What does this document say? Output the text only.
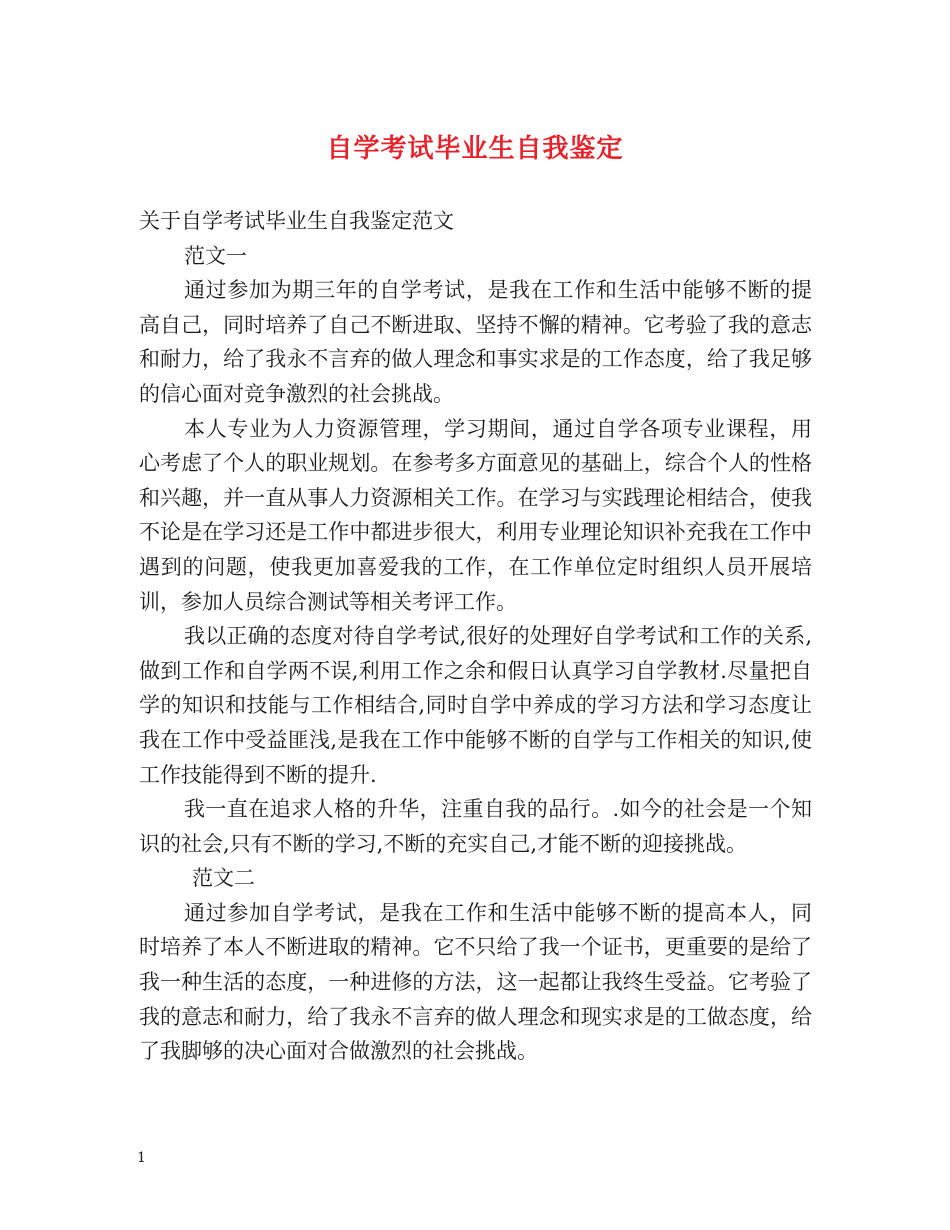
自学考试毕业生自我鉴定

关于自学考试毕业生自我鉴定范文

范文一

通过参加为期三年的自学考试，是我在工作和生活中能够不断的提高自己，同时培养了自己不断进取、坚持不懈的精神。它考验了我的意志和耐力，给了我永不言弃的做人理念和事实求是的工作态度，给了我足够的信心面对竞争激烈的社会挑战。

本人专业为人力资源管理，学习期间，通过自学各项专业课程，用心考虑了个人的职业规划。在参考多方面意见的基础上，综合个人的性格和兴趣，并一直从事人力资源相关工作。在学习与实践理论相结合，使我不论是在学习还是工作中都进步很大，利用专业理论知识补充我在工作中遇到的问题，使我更加喜爱我的工作，在工作单位定时组织人员开展培训，参加人员综合测试等相关考评工作。

我以正确的态度对待自学考试,很好的处理好自学考试和工作的关系,做到工作和自学两不误,利用工作之余和假日认真学习自学教材.尽量把自学的知识和技能与工作相结合,同时自学中养成的学习方法和学习态度让我在工作中受益匪浅,是我在工作中能够不断的自学与工作相关的知识,使工作技能得到不断的提升.

我一直在追求人格的升华，注重自我的品行。.如今的社会是一个知识的社会,只有不断的学习,不断的充实自己,才能不断的迎接挑战。

范文二

通过参加自学考试，是我在工作和生活中能够不断的提高本人，同时培养了本人不断进取的精神。它不只给了我一个证书，更重要的是给了我一种生活的态度，一种进修的方法，这一起都让我终生受益。它考验了我的意志和耐力，给了我永不言弃的做人理念和现实求是的工做态度，给了我脚够的决心面对合做激烈的社会挑战。

1
